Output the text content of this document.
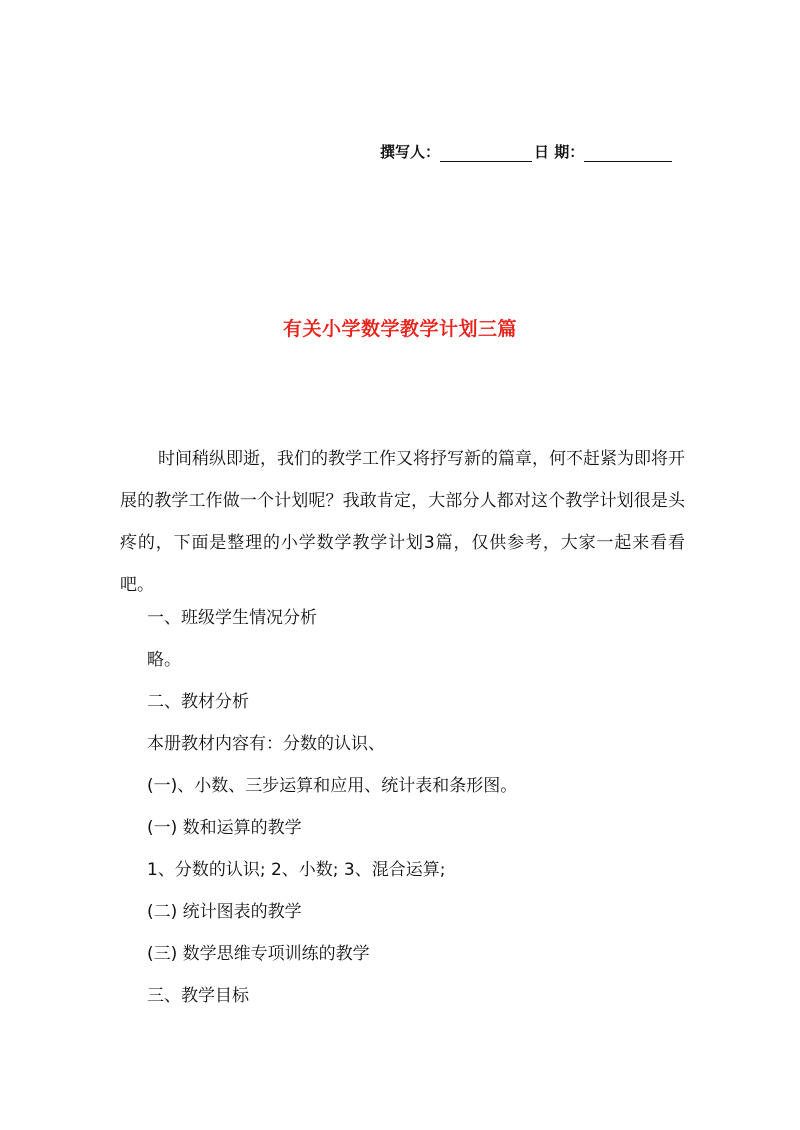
撰写人：	日 期：
有关小学数学教学计划三篇

时间稍纵即逝，我们的教学工作又将抒写新的篇章，何不赶紧为即将开展的教学工作做一个计划呢？我敢肯定，大部分人都对这个教学计划很是头疼的，下面是整理的小学数学教学计划3篇，仅供参考，大家一起来看看吧。

一、班级学生情况分析
略。
二、教材分析
本册教材内容有：分数的认识、
(一)、小数、三步运算和应用、统计表和条形图。
(一) 数和运算的教学
1、分数的认识; 2、小数; 3、混合运算;
(二) 统计图表的教学
(三) 数学思维专项训练的教学
三、教学目标
